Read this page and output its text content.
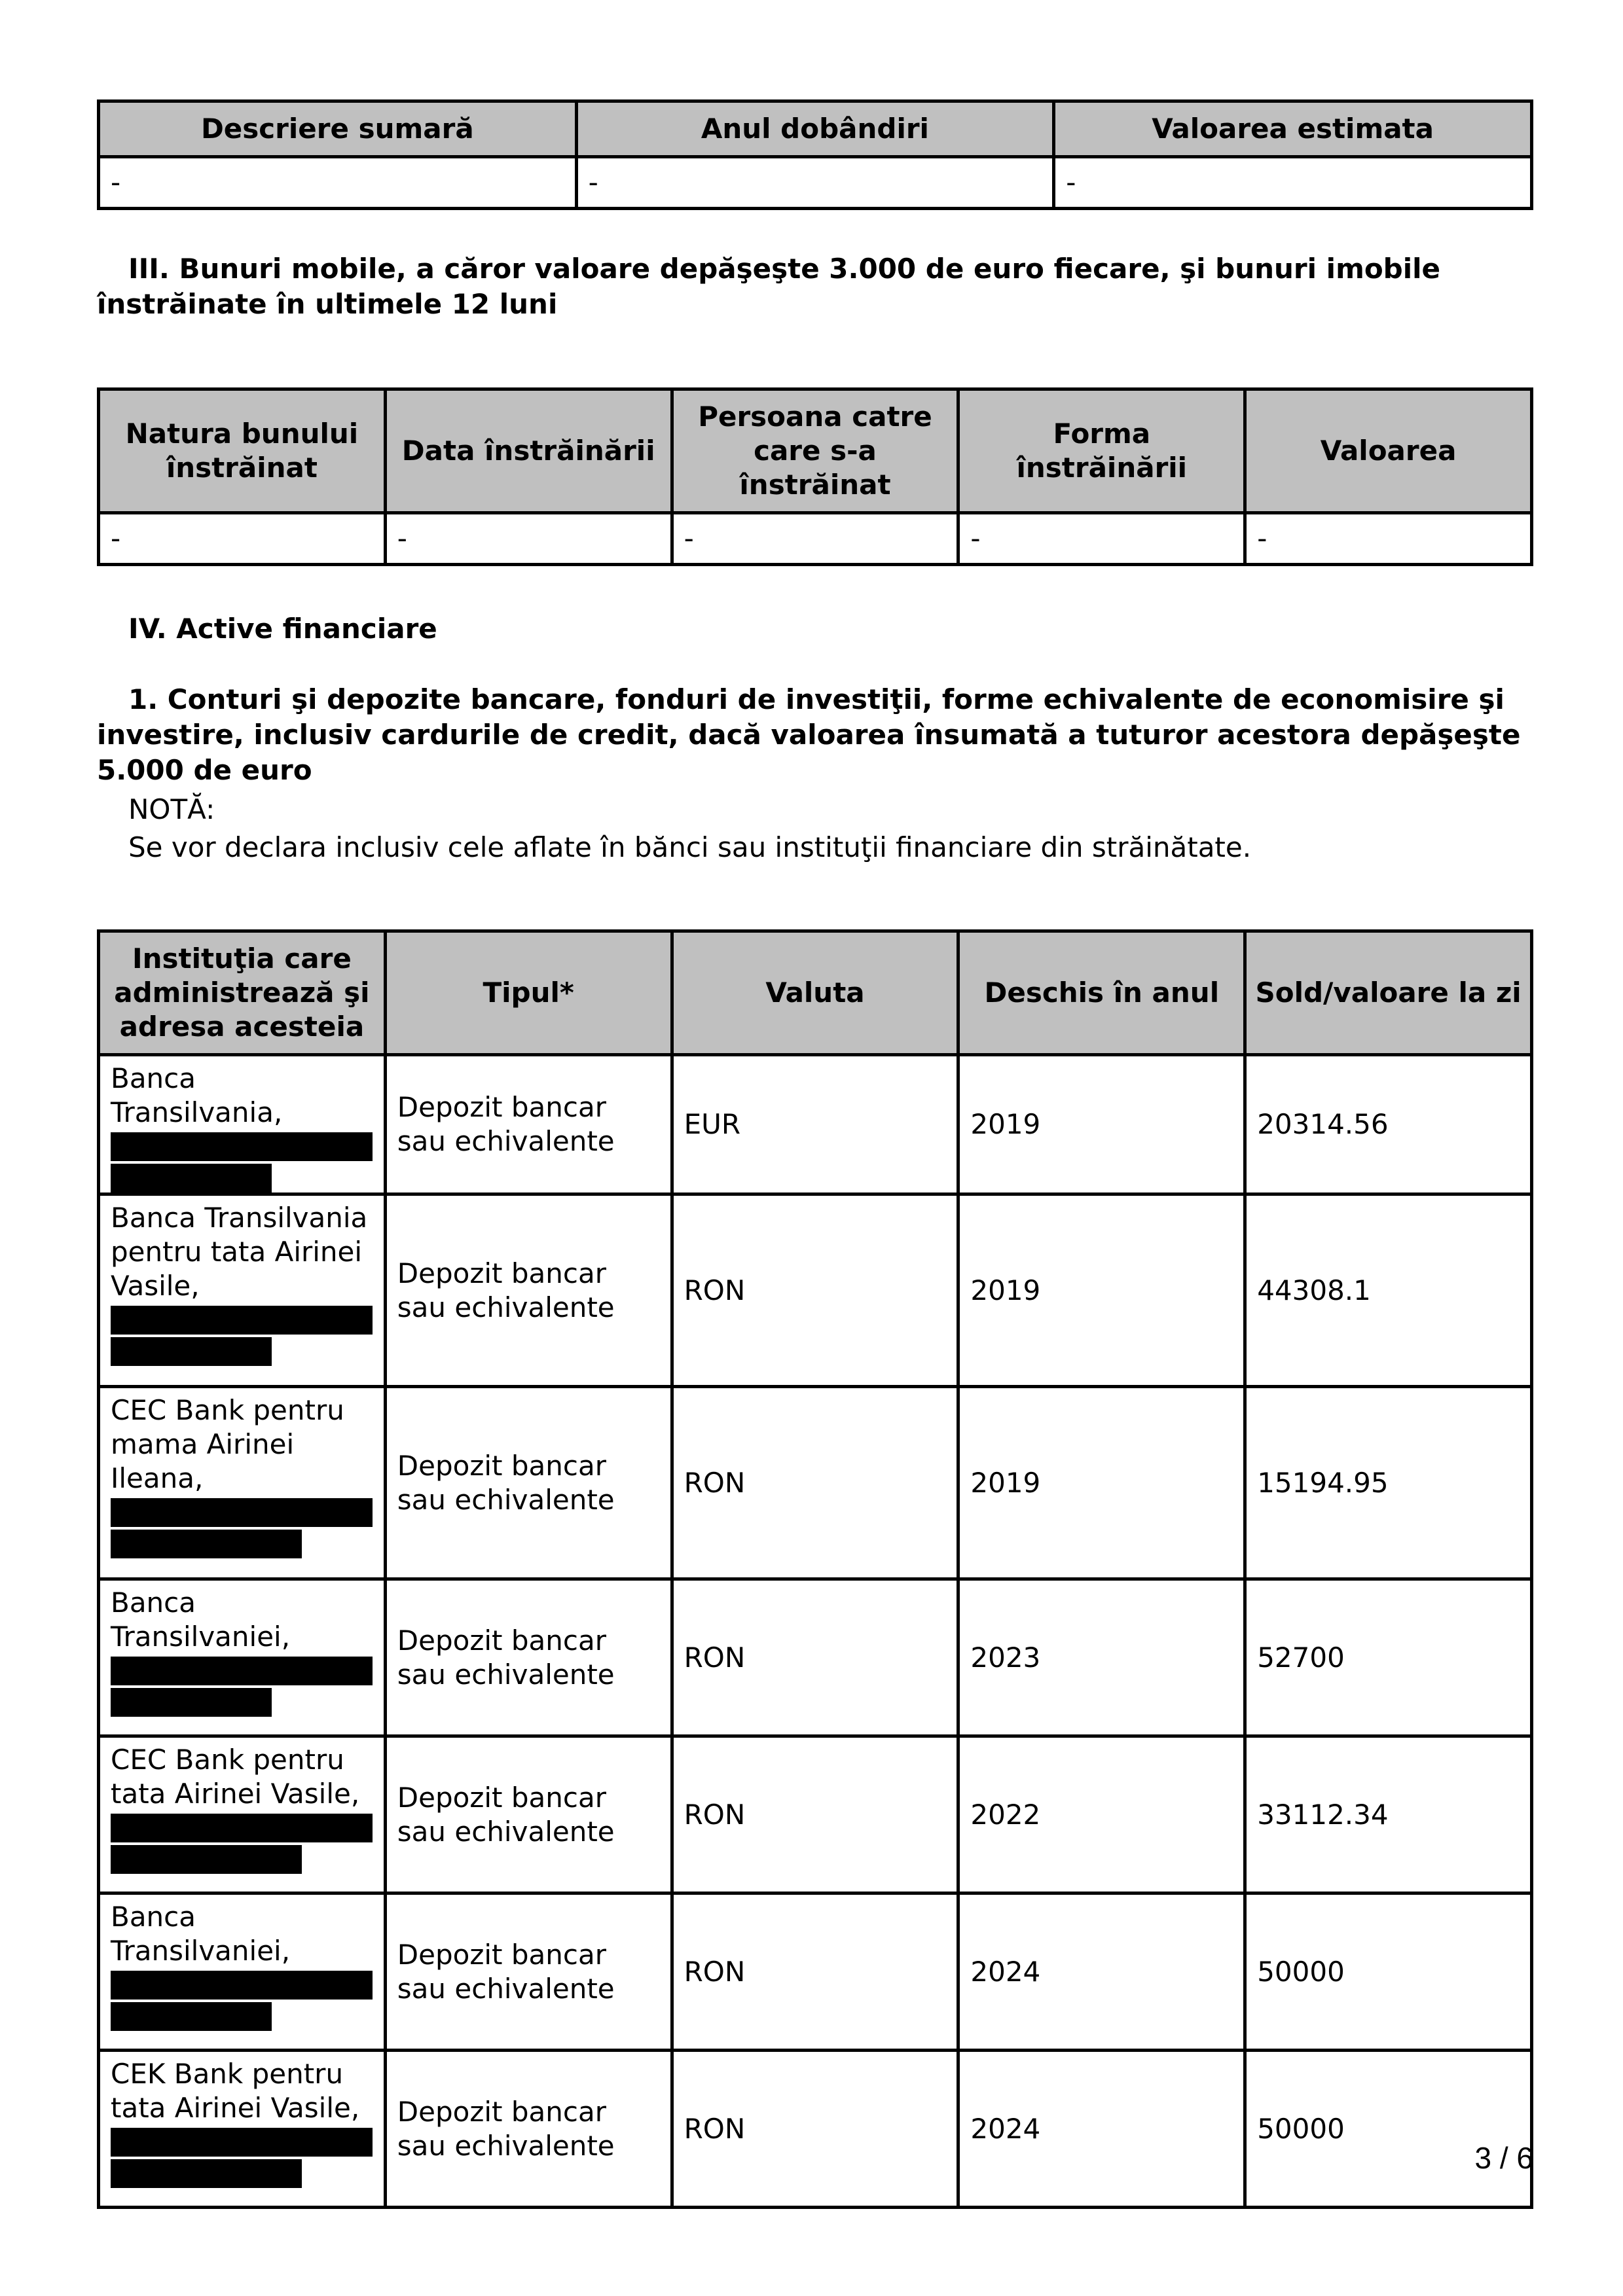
Descriere sumară	Anul dobândiri	Valoarea estimata
-	-	-
III. Bunuri mobile, a căror valoare depăşeşte 3.000 de euro fiecare, şi bunuri imobile înstrăinate în ultimele 12 luni
Natura bunului înstrăinat	Data înstrăinării	Persoana catre care s-a înstrăinat	Forma înstrăinării	Valoarea
-	-	-	-	-
IV. Active financiare
1. Conturi şi depozite bancare, fonduri de investiţii, forme echivalente de economisire şi investire, inclusiv cardurile de credit, dacă valoarea însumată a tuturor acestora depăşeşte 5.000 de euro
NOTĂ:
Se vor declara inclusiv cele aflate în bănci sau instituţii financiare din străinătate.
Instituţia care administrează şi adresa acesteia	Tipul*	Valuta	Deschis în anul	Sold/valoare la zi
Banca Transilvania,	Depozit bancar sau echivalente	EUR	2019	20314.56
Banca Transilvania pentru tata Airinei Vasile,	Depozit bancar sau echivalente	RON	2019	44308.1
CEC Bank pentru mama Airinei Ileana,	Depozit bancar sau echivalente	RON	2019	15194.95
Banca Transilvaniei,	Depozit bancar sau echivalente	RON	2023	52700
CEC Bank pentru tata Airinei Vasile,	Depozit bancar sau echivalente	RON	2022	33112.34
Banca Transilvaniei,	Depozit bancar sau echivalente	RON	2024	50000
CEK Bank pentru tata Airinei Vasile,	Depozit bancar sau echivalente	RON	2024	50000
3 / 6
